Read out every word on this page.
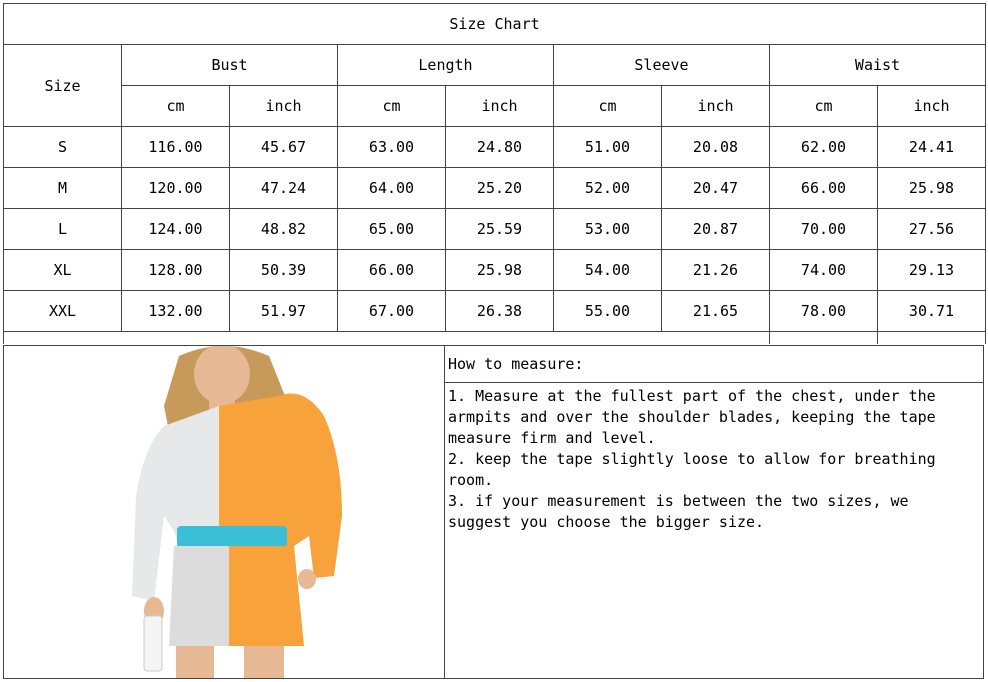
Size Chart								
Size	Bust		Length		Sleeve		Waist	
	cm	inch	cm	inch	cm	inch	cm	inch
S	116.00	45.67	63.00	24.80	51.00	20.08	62.00	24.41
M	120.00	47.24	64.00	25.20	52.00	20.47	66.00	25.98
L	124.00	48.82	65.00	25.59	53.00	20.87	70.00	27.56
XL	128.00	50.39	66.00	25.98	54.00	21.26	74.00	29.13
XXL	132.00	51.97	67.00	26.38	55.00	21.65	78.00	30.71
How to measure:

1. Measure at the fullest part of the chest, under the armpits and over the shoulder blades, keeping the tape measure firm and level.

2. keep the tape slightly loose to allow for breathing room.

3. if your measurement is between the two sizes, we suggest you choose the bigger size.
